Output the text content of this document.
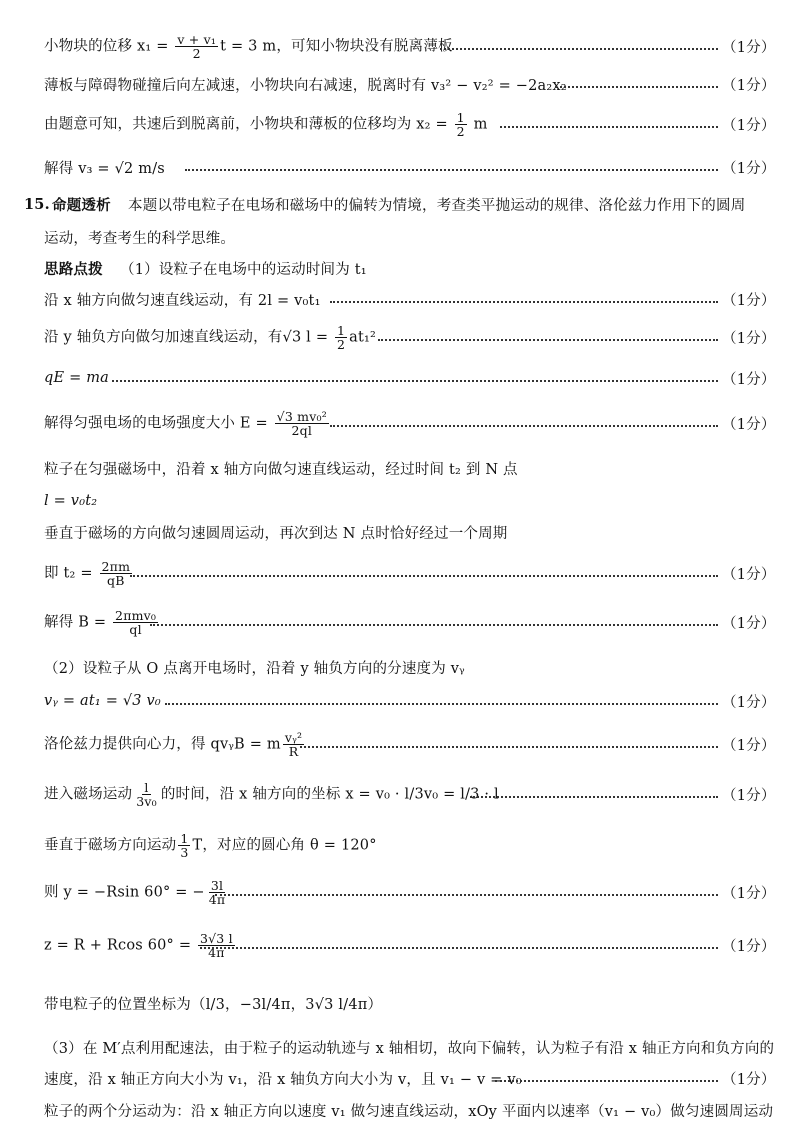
小物块的位移 $x_1 = \frac{\text{v + v₁}}{2}$ t = 3 m，可知小物块没有脱离薄板	（1分）
薄板与障碍物碰撞后向左减速，小物块向右减速，脱离时有 v₃² − v₂² = −2a₂x₂	（1分）
由题意可知，共速后到脱离前，小物块和薄板的位移均为 $x_2 = \frac{1}{2}$ m	（1分）
解得 v₃ = √2 m/s	（1分）
15. 命题透析 本题以带电粒子在电场和磁场中的偏转为情境，考查类平抛运动的规律、洛伦兹力作用下的圆周
运动，考查考生的科学思维。
思路点拨 （1）设粒子在电场中的运动时间为 t₁
沿 x 轴方向做匀速直线运动，有 2l = v₀t₁	（1分）
沿 y 轴负方向做匀加速直线运动，有√3 $l = \frac{1}{2} at_1^2$	（1分）
qE = ma	（1分）
解得匀强电场的电场强度大小 $E = \frac{\text{√3 mv₀²}}{2ql}$	（1分）
粒子在匀强磁场中，沿着 x 轴方向做匀速直线运动，经过时间 t₂ 到 N 点
l = v₀t₂
垂直于磁场的方向做匀速圆周运动，再次到达 N 点时恰好经过一个周期
即 $t_2 = \frac{2\pi m}{qB}$	（1分）
解得 $B = \frac{\text{2πmv₀}}{ql}$	（1分）
（2）设粒子从 O 点离开电场时，沿着 y 轴负方向的分速度为 vᵧ
vᵧ = at₁ = √3 v₀	（1分）
洛伦兹力提供向心力，得 qvᵧB = m $\frac{\text{vᵧ²}}{R}$	（1分）
进入磁场运动 $\frac{l}{\text{3v₀}}$ 的时间，沿 x 轴方向的坐标 x = v₀ · l/3v₀ = l/3 · l	（1分）
垂直于磁场方向运动 $\frac{1}{3}$ T，对应的圆心角 θ = 120°
则 y = −Rsin 60° = − $\frac{3l}{4\pi}$	（1分）
z = R + Rcos $60^\circ = \frac{3√3 l}{4\pi}$	（1分）
带电粒子的位置坐标为（l/3，−3l/4π，3√3 l/4π）
（3）在 M′点利用配速法，由于粒子的运动轨迹与 x 轴相切，故向下偏转，认为粒子有沿 x 轴正方向和负方向的
速度，沿 x 轴正方向大小为 v₁，沿 x 轴负方向大小为 v，且 v₁ − v = v₀	（1分）
粒子的两个分运动为：沿 x 轴正方向以速度 v₁ 做匀速直线运动，xOy 平面内以速率（v₁ − v₀）做匀速圆周运动
